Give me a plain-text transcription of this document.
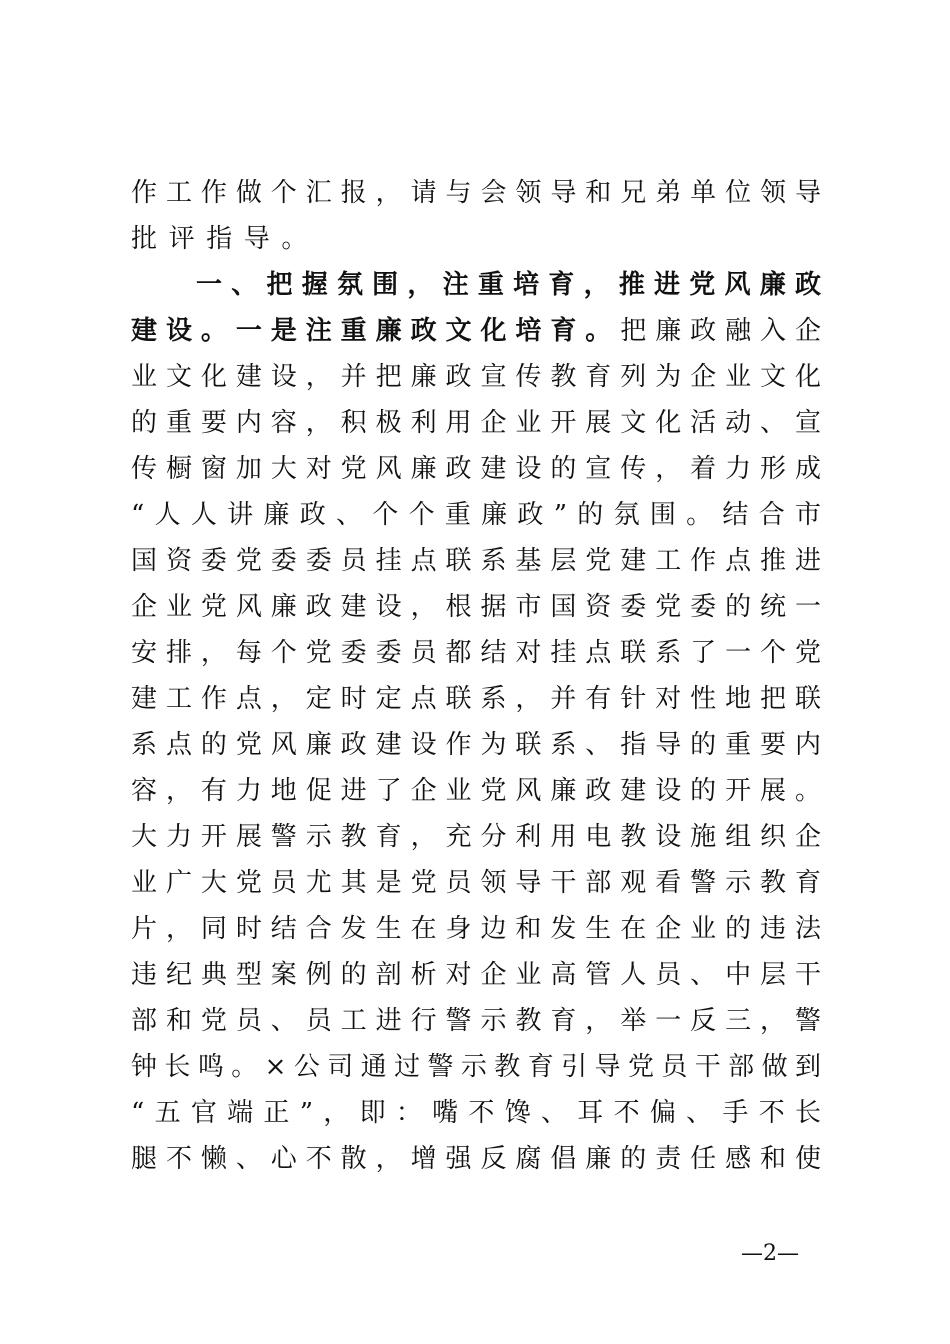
作工作做个汇报，请与会领导和兄弟单位领导
批评指导。
一、把握氛围，注重培育，推进党风廉政
建设。一是注重廉政文化培育。把廉政融入企
业文化建设，并把廉政宣传教育列为企业文化
的重要内容，积极利用企业开展文化活动、宣
传橱窗加大对党风廉政建设的宣传，着力形成
“人人讲廉政、个个重廉政”的氛围。结合市
国资委党委委员挂点联系基层党建工作点推进
企业党风廉政建设，根据市国资委党委的统一
安排，每个党委委员都结对挂点联系了一个党
建工作点，定时定点联系，并有针对性地把联
系点的党风廉政建设作为联系、指导的重要内
容，有力地促进了企业党风廉政建设的开展。
大力开展警示教育，充分利用电教设施组织企
业广大党员尤其是党员领导干部观看警示教育
片，同时结合发生在身边和发生在企业的违法
违纪典型案例的剖析对企业高管人员、中层干
部和党员、员工进行警示教育，举一反三，警
钟长鸣。×公司通过警示教育引导党员干部做到
“五官端正”，即：嘴不馋、耳不偏、手不长
腿不懒、心不散，增强反腐倡廉的责任感和使
—2—
